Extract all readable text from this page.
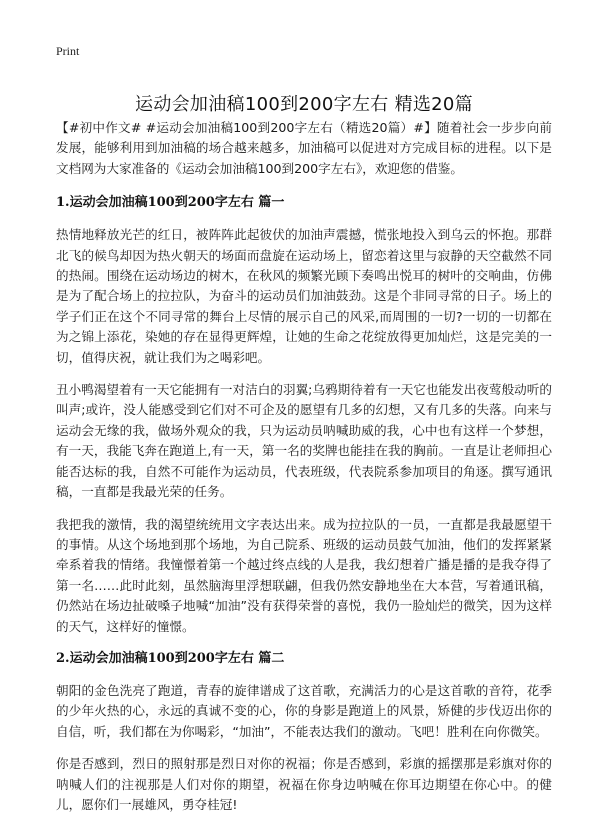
Print
运动会加油稿100到200字左右 精选20篇

【#初中作文# #运动会加油稿100到200字左右（精选20篇）#】随着社会一步步向前发展，能够利用到加油稿的场合越来越多，加油稿可以促进对方完成目标的进程。以下是文档网为大家准备的《运动会加油稿100到200字左右》，欢迎您的借鉴。

1.运动会加油稿100到200字左右 篇一

热情地释放光芒的红日，被阵阵此起彼伏的加油声震撼，慌张地投入到乌云的怀抱。那群北飞的候鸟却因为热火朝天的场面而盘旋在运动场上，留恋着这里与寂静的天空截然不同的热闹。围绕在运动场边的树木，在秋风的频繁光顾下奏鸣出悦耳的树叶的交响曲，仿佛是为了配合场上的拉拉队，为奋斗的运动员们加油鼓劲。这是个非同寻常的日子。场上的学子们正在这个不同寻常的舞台上尽情的展示自己的风采,而周围的一切?一切的一切都在为之锦上添花，染她的存在显得更辉煌，让她的生命之花绽放得更加灿烂，这是完美的一切，值得庆祝，就让我们为之喝彩吧。

丑小鸭渴望着有一天它能拥有一对洁白的羽翼;乌鸦期待着有一天它也能发出夜莺般动听的叫声;或许，没人能感受到它们对不可企及的愿望有几多的幻想，又有几多的失落。向来与运动会无缘的我，做场外观众的我，只为运动员呐喊助威的我，心中也有这样一个梦想，有一天，我能飞奔在跑道上,有一天，第一名的奖牌也能挂在我的胸前。一直是让老师担心能否达标的我，自然不可能作为运动员，代表班级，代表院系参加项目的角逐。撰写通讯稿，一直都是我最光荣的任务。

我把我的激情，我的渴望统统用文字表达出来。成为拉拉队的一员，一直都是我最愿望干的事情。从这个场地到那个场地，为自己院系、班级的运动员鼓气加油，他们的发挥紧紧牵系着我的情绪。我憧憬着第一个越过终点线的人是我，我幻想着广播是播的是我夺得了第一名……此时此刻，虽然脑海里浮想联翩，但我仍然安静地坐在大本营，写着通讯稿，仍然站在场边扯破嗓子地喊“加油”没有获得荣誉的喜悦，我仍一脸灿烂的微笑，因为这样的天气，这样好的憧憬。

2.运动会加油稿100到200字左右 篇二

朝阳的金色洗亮了跑道，青春的旋律谱成了这首歌，充满活力的心是这首歌的音符，花季的少年火热的心，永远的真诚不变的心，你的身影是跑道上的风景，矫健的步伐迈出你的自信，听，我们都在为你喝彩，“加油”，不能表达我们的激动。飞吧！胜利在向你微笑。

你是否感到，烈日的照射那是烈日对你的祝福；你是否感到，彩旗的摇摆那是彩旗对你的呐喊人们的注视那是人们对你的期望，祝福在你身边呐喊在你耳边期望在你心中。的健儿，愿你们一展雄风，勇夺桂冠!
